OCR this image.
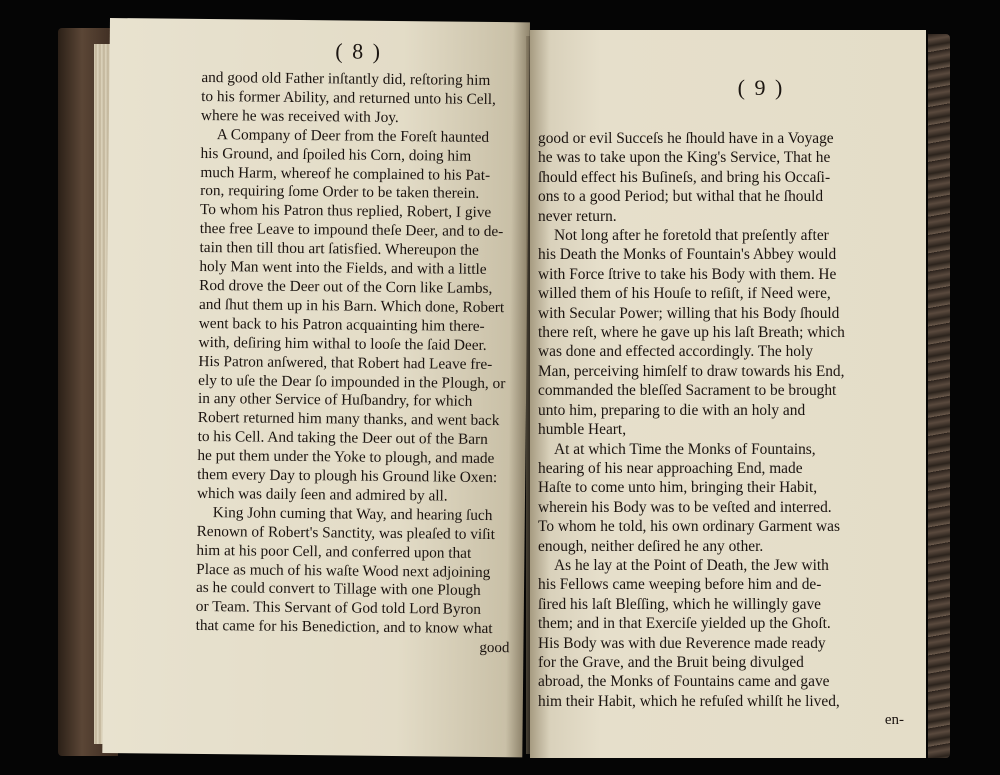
( 8 )
and good old Father inſtantly did, reſtoring him
to his former Ability, and returned unto his Cell,
where he was received with Joy.
A Company of Deer from the Foreſt haunted
his Ground, and ſpoiled his Corn, doing him
much Harm, whereof he complained to his Pat-
ron, requiring ſome Order to be taken therein.
To whom his Patron thus replied, Robert, I give
thee free Leave to impound theſe Deer, and to de-
tain then till thou art ſatisfied. Whereupon the
holy Man went into the Fields, and with a little
Rod drove the Deer out of the Corn like Lambs,
and ſhut them up in his Barn. Which done, Robert
went back to his Patron acquainting him there-
with, deſiring him withal to looſe the ſaid Deer.
His Patron anſwered, that Robert had Leave fre-
ely to uſe the Dear ſo impounded in the Plough, or
in any other Service of Huſbandry, for which
Robert returned him many thanks, and went back
to his Cell. And taking the Deer out of the Barn
he put them under the Yoke to plough, and made
them every Day to plough his Ground like Oxen:
which was daily ſeen and admired by all.
King John cuming that Way, and hearing ſuch
Renown of Robert's Sanctity, was pleaſed to viſit
him at his poor Cell, and conferred upon that
Place as much of his waſte Wood next adjoining
as he could convert to Tillage with one Plough
or Team. This Servant of God told Lord Byron
that came for his Benediction, and to know what
good
( 9 )
good or evil Succeſs he ſhould have in a Voyage
he was to take upon the King's Service, That he
ſhould effect his Buſineſs, and bring his Occaſi-
ons to a good Period; but withal that he ſhould
never return.
Not long after he foretold that preſently after
his Death the Monks of Fountain's Abbey would
with Force ſtrive to take his Body with them. He
willed them of his Houſe to reſiſt, if Need were,
with Secular Power; willing that his Body ſhould
there reſt, where he gave up his laſt Breath; which
was done and effected accordingly. The holy
Man, perceiving himſelf to draw towards his End,
commanded the bleſſed Sacrament to be brought
unto him, preparing to die with an holy and
humble Heart,
At at which Time the Monks of Fountains,
hearing of his near approaching End, made
Haſte to come unto him, bringing their Habit,
wherein his Body was to be veſted and interred.
To whom he told, his own ordinary Garment was
enough, neither deſired he any other.
As he lay at the Point of Death, the Jew with
his Fellows came weeping before him and de-
ſired his laſt Bleſſing, which he willingly gave
them; and in that Exerciſe yielded up the Ghoſt.
His Body was with due Reverence made ready
for the Grave, and the Bruit being divulged
abroad, the Monks of Fountains came and gave
him their Habit, which he refuſed whilſt he lived,
en-
